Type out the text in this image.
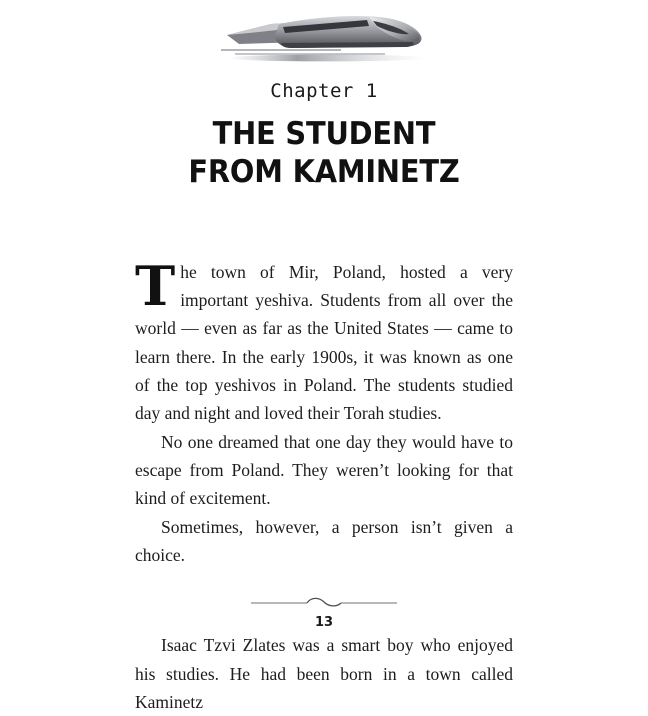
Chapter 1
THE STUDENT
FROM KAMINETZ

The town of Mir, Poland, hosted a very important yeshiva. Students from all over the world — even as far as the United States — came to learn there. In the early 1900s, it was known as one of the top yeshivos in Poland. The students studied day and night and loved their Torah studies.

No one dreamed that one day they would have to escape from Poland. They weren’t looking for that kind of excitement.

Sometimes, however, a person isn’t given a choice.

Isaac Tzvi Zlates was a smart boy who enjoyed his studies. He had been born in a town called Kaminetz

13
